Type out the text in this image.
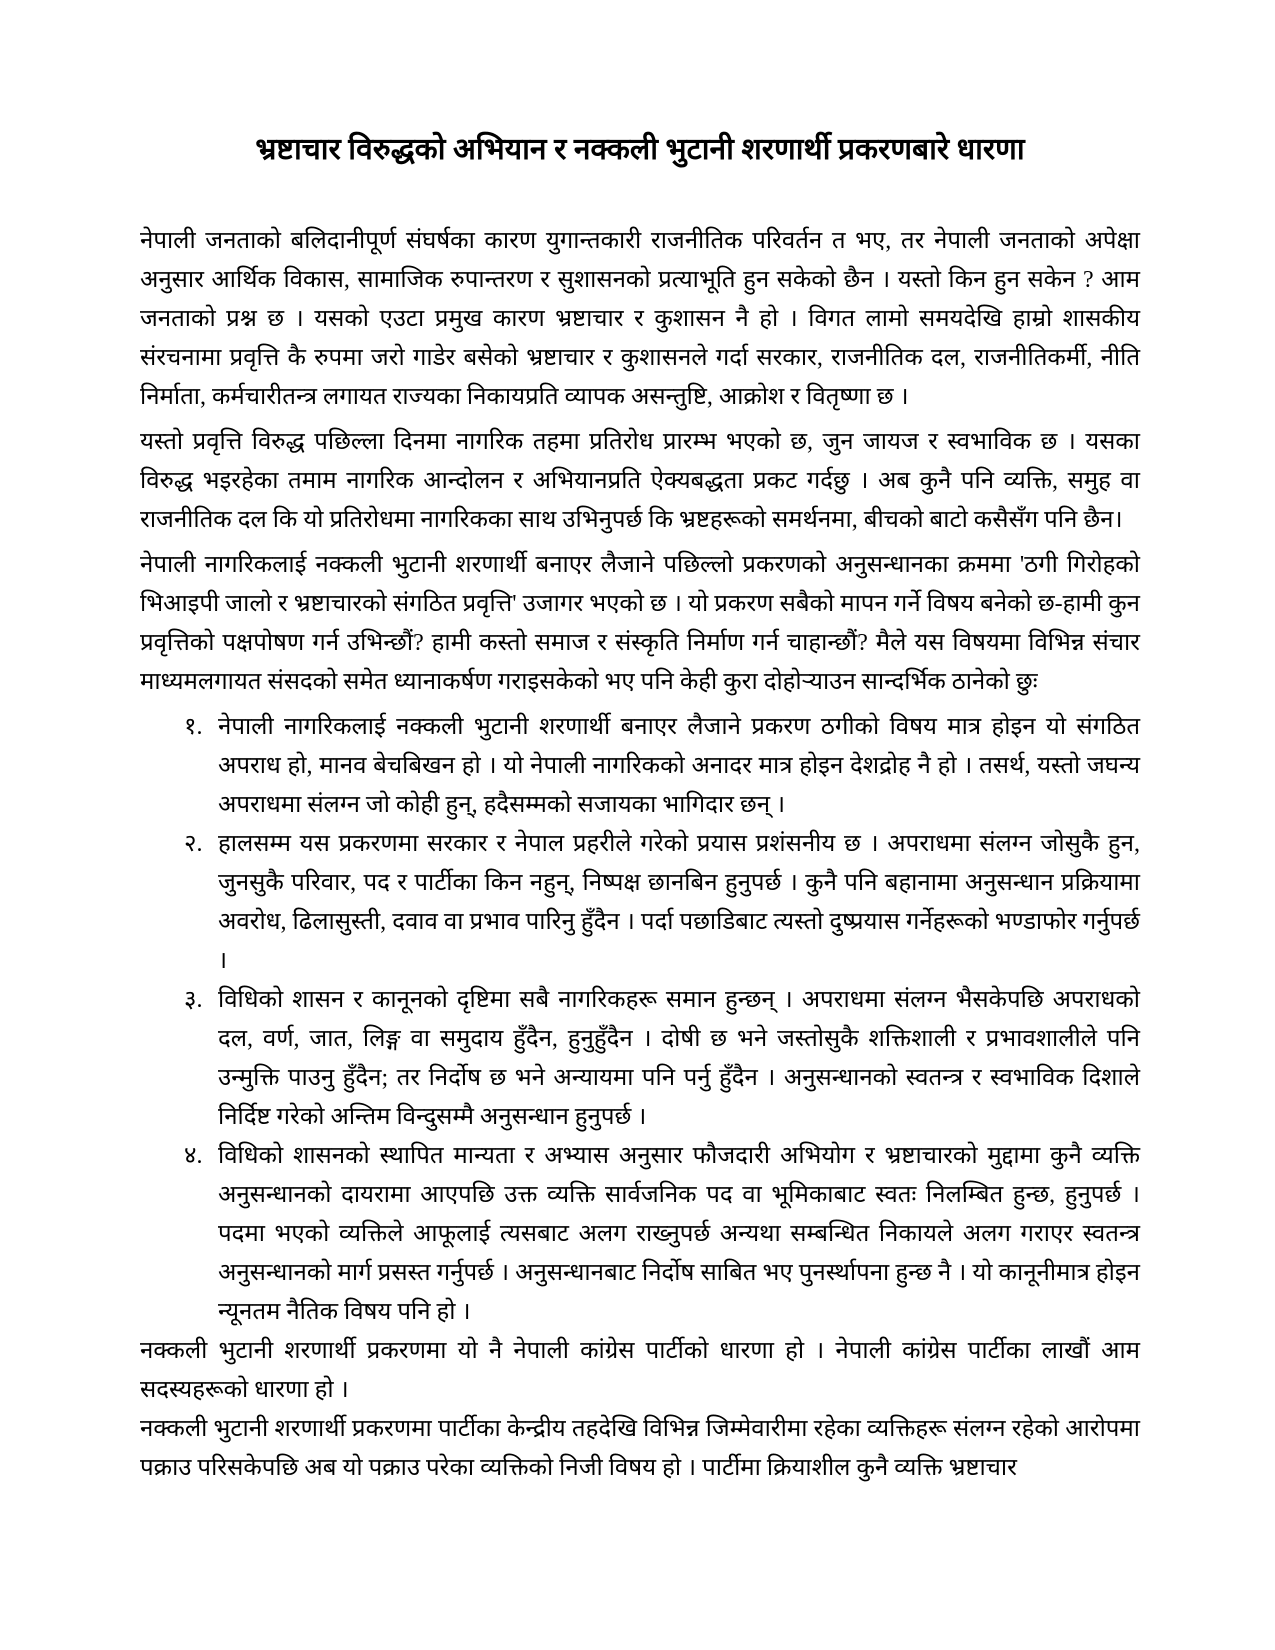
भ्रष्टाचार विरुद्धको अभियान र नक्कली भुटानी शरणार्थी प्रकरणबारे धारणा

नेपाली जनताको बलिदानीपूर्ण संघर्षका कारण युगान्तकारी राजनीतिक परिवर्तन त भए, तर नेपाली जनताको अपेक्षा अनुसार आर्थिक विकास, सामाजिक रुपान्तरण र सुशासनको प्रत्याभूति हुन सकेको छैन । यस्तो किन हुन सकेन ? आम जनताको प्रश्न छ । यसको एउटा प्रमुख कारण भ्रष्टाचार र कुशासन नै हो । विगत लामो समयदेखि हाम्रो शासकीय संरचनामा प्रवृत्ति कै रुपमा जरो गाडेर बसेको भ्रष्टाचार र कुशासनले गर्दा सरकार, राजनीतिक दल, राजनीतिकर्मी, नीति निर्माता, कर्मचारीतन्त्र लगायत राज्यका निकायप्रति व्यापक असन्तुष्टि, आक्रोश र वितृष्णा छ ।

यस्तो प्रवृत्ति विरुद्ध पछिल्ला दिनमा नागरिक तहमा प्रतिरोध प्रारम्भ भएको छ, जुन जायज र स्वभाविक छ । यसका विरुद्ध भइरहेका तमाम नागरिक आन्दोलन र अभियानप्रति ऐक्यबद्धता प्रकट गर्दछु । अब कुनै पनि व्यक्ति, समुह वा राजनीतिक दल कि यो प्रतिरोधमा नागरिकका साथ उभिनुपर्छ कि भ्रष्टहरूको समर्थनमा, बीचको बाटो कसैसँग पनि छैन।

नेपाली नागरिकलाई नक्कली भुटानी शरणार्थी बनाएर लैजाने पछिल्लो प्रकरणको अनुसन्धानका क्रममा 'ठगी गिरोहको भिआइपी जालो र भ्रष्टाचारको संगठित प्रवृत्ति' उजागर भएको छ । यो प्रकरण सबैको मापन गर्ने विषय बनेको छ-हामी कुन प्रवृत्तिको पक्षपोषण गर्न उभिन्छौं? हामी कस्तो समाज र संस्कृति निर्माण गर्न चाहान्छौं? मैले यस विषयमा विभिन्न संचार माध्यमलगायत संसदको समेत ध्यानाकर्षण गराइसकेको भए पनि केही कुरा दोहोऱ्याउन सान्दर्भिक ठानेको छुः

१. नेपाली नागरिकलाई नक्कली भुटानी शरणार्थी बनाएर लैजाने प्रकरण ठगीको विषय मात्र होइन यो संगठित अपराध हो, मानव बेचबिखन हो । यो नेपाली नागरिकको अनादर मात्र होइन देशद्रोह नै हो । तसर्थ, यस्तो जघन्य अपराधमा संलग्न जो कोही हुन्, हदैसम्मको सजायका भागिदार छन् ।
२. हालसम्म यस प्रकरणमा सरकार र नेपाल प्रहरीले गरेको प्रयास प्रशंसनीय छ । अपराधमा संलग्न जोसुकै हुन, जुनसुकै परिवार, पद र पार्टीका किन नहुन्, निष्पक्ष छानबिन हुनुपर्छ । कुनै पनि बहानामा अनुसन्धान प्रक्रियामा अवरोध, ढिलासुस्ती, दवाव वा प्रभाव पारिनु हुँदैन । पर्दा पछाडिबाट त्यस्तो दुष्प्रयास गर्नेहरूको भण्डाफोर गर्नुपर्छ ।
३. विधिको शासन र कानूनको दृष्टिमा सबै नागरिकहरू समान हुन्छन् । अपराधमा संलग्न भैसकेपछि अपराधको दल, वर्ण, जात, लिङ्ग वा समुदाय हुँदैन, हुनुहुँदैन । दोषी छ भने जस्तोसुकै शक्तिशाली र प्रभावशालीले पनि उन्मुक्ति पाउनु हुँदैन; तर निर्दोष छ भने अन्यायमा पनि पर्नु हुँदैन । अनुसन्धानको स्वतन्त्र र स्वभाविक दिशाले निर्दिष्ट गरेको अन्तिम विन्दुसम्मै अनुसन्धान हुनुपर्छ ।
४. विधिको शासनको स्थापित मान्यता र अभ्यास अनुसार फौजदारी अभियोग र भ्रष्टाचारको मुद्दामा कुनै व्यक्ति अनुसन्धानको दायरामा आएपछि उक्त व्यक्ति सार्वजनिक पद वा भूमिकाबाट स्वतः निलम्बित हुन्छ, हुनुपर्छ । पदमा भएको व्यक्तिले आफूलाई त्यसबाट अलग राख्नुपर्छ अन्यथा सम्बन्धित निकायले अलग गराएर स्वतन्त्र अनुसन्धानको मार्ग प्रसस्त गर्नुपर्छ । अनुसन्धानबाट निर्दोष साबित भए पुनर्स्थापना हुन्छ नै । यो कानूनीमात्र होइन न्यूनतम नैतिक विषय पनि हो ।

नक्कली भुटानी शरणार्थी प्रकरणमा यो नै नेपाली कांग्रेस पार्टीको धारणा हो । नेपाली कांग्रेस पार्टीका लाखौं आम सदस्यहरूको धारणा हो ।

नक्कली भुटानी शरणार्थी प्रकरणमा पार्टीका केन्द्रीय तहदेखि विभिन्न जिम्मेवारीमा रहेका व्यक्तिहरू संलग्न रहेको आरोपमा पक्राउ परिसकेपछि अब यो पक्राउ परेका व्यक्तिको निजी विषय हो । पार्टीमा क्रियाशील कुनै व्यक्ति भ्रष्टाचार
